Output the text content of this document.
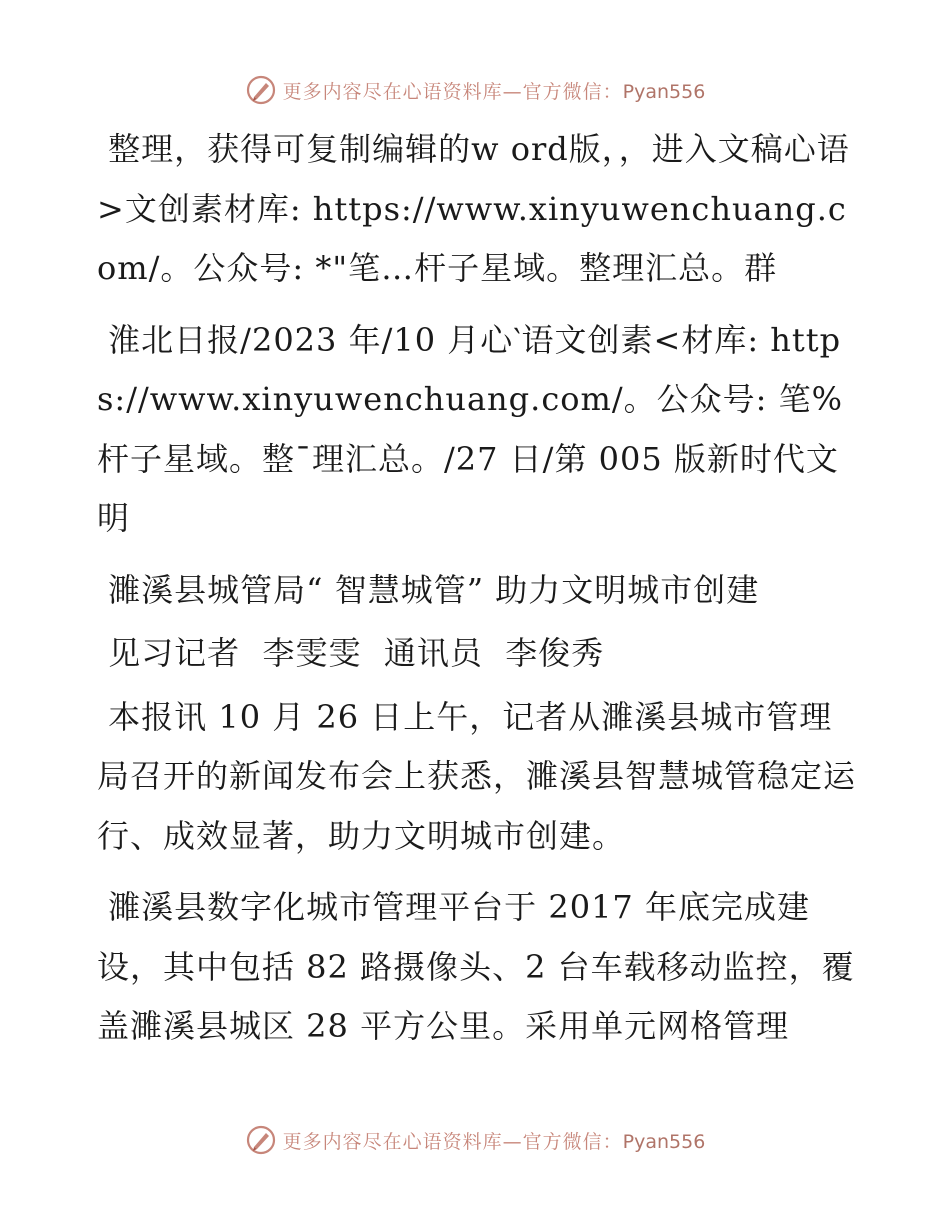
更多内容尽在心语资料库—官方微信：Pyan556

整理，获得可复制编辑的w ord版，，进入文稿心语>文创素材库: https://www.xinyuwenchuang.com/。公众号: *"笔…杆子星域。整理汇总。群

淮北日报/2023 年/10 月心‵语文创素<材库: https://www.xinyuwenchuang.com/。公众号: 笔%杆子星域。整¯理汇总。/27 日/第 005 版新时代文明

濉溪县城管局“ 智慧城管” 助力文明城市创建

见习记者  李雯雯  通讯员  李俊秀

本报讯 10 月 26 日上午，记者从濉溪县城市管理局召开的新闻发布会上获悉，濉溪县智慧城管稳定运行、成效显著，助力文明城市创建。

濉溪县数字化城市管理平台于 2017 年底完成建设，其中包括 82 路摄像头、2 台车载移动监控，覆盖濉溪县城区 28 平方公里。采用单元网格管理

更多内容尽在心语资料库—官方微信：Pyan556
